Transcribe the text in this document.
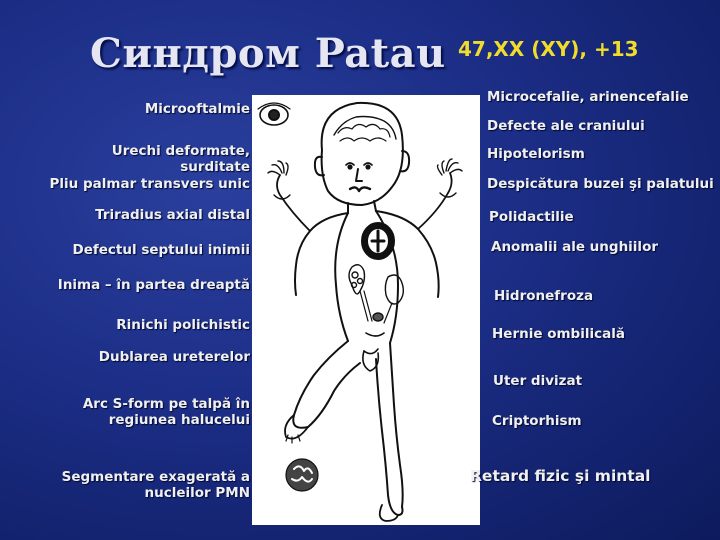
Синдром Patau 47,XX (XY), +13
Microoftalmie
Urechi deformate,
surditate
Pliu palmar transvers unic
Triradius axial distal
Defectul septului inimii
Inima – în partea dreaptă
Rinichi polichistic
Dublarea ureterelor
Arc S-form pe talpă în
regiunea halucelui
Segmentare exagerată a
nucleilor PMN
Microcefalie, arinencefalie
Defecte ale craniului
Hipotelorism
Despicătura buzei şi palatului
Polidactilie
Anomalii ale unghiilor
Hidronefroza
Hernie ombilicală
Uter divizat
Criptorhism
Retard fizic şi mintal
